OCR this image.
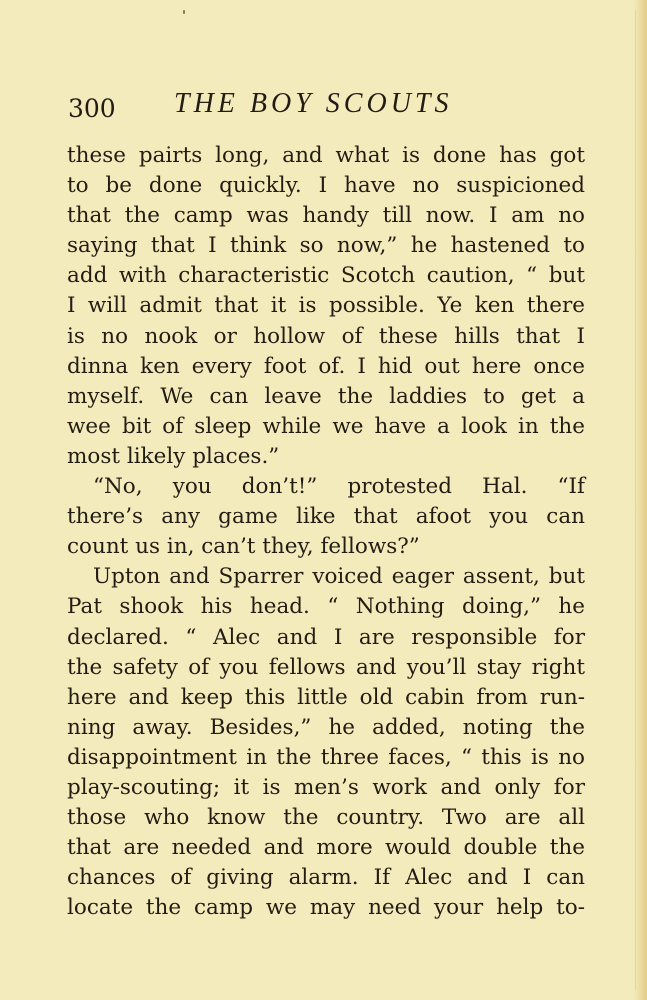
300 THE BOY SCOUTS
these pairts long, and what is done has got
to be done quickly. I have no suspicioned
that the camp was handy till now. I am no
saying that I think so now,” he hastened to
add with characteristic Scotch caution, “ but
I will admit that it is possible. Ye ken there
is no nook or hollow of these hills that I
dinna ken every foot of. I hid out here once
myself. We can leave the laddies to get a
wee bit of sleep while we have a look in the
most likely places.”
“No, you don’t!” protested Hal. “If
there’s any game like that afoot you can
count us in, can’t they, fellows?”
Upton and Sparrer voiced eager assent, but
Pat shook his head. “ Nothing doing,” he
declared. “ Alec and I are responsible for
the safety of you fellows and you’ll stay right
here and keep this little old cabin from run-
ning away. Besides,” he added, noting the
disappointment in the three faces, “ this is no
play-scouting; it is men’s work and only for
those who know the country. Two are all
that are needed and more would double the
chances of giving alarm. If Alec and I can
locate the camp we may need your help to-
